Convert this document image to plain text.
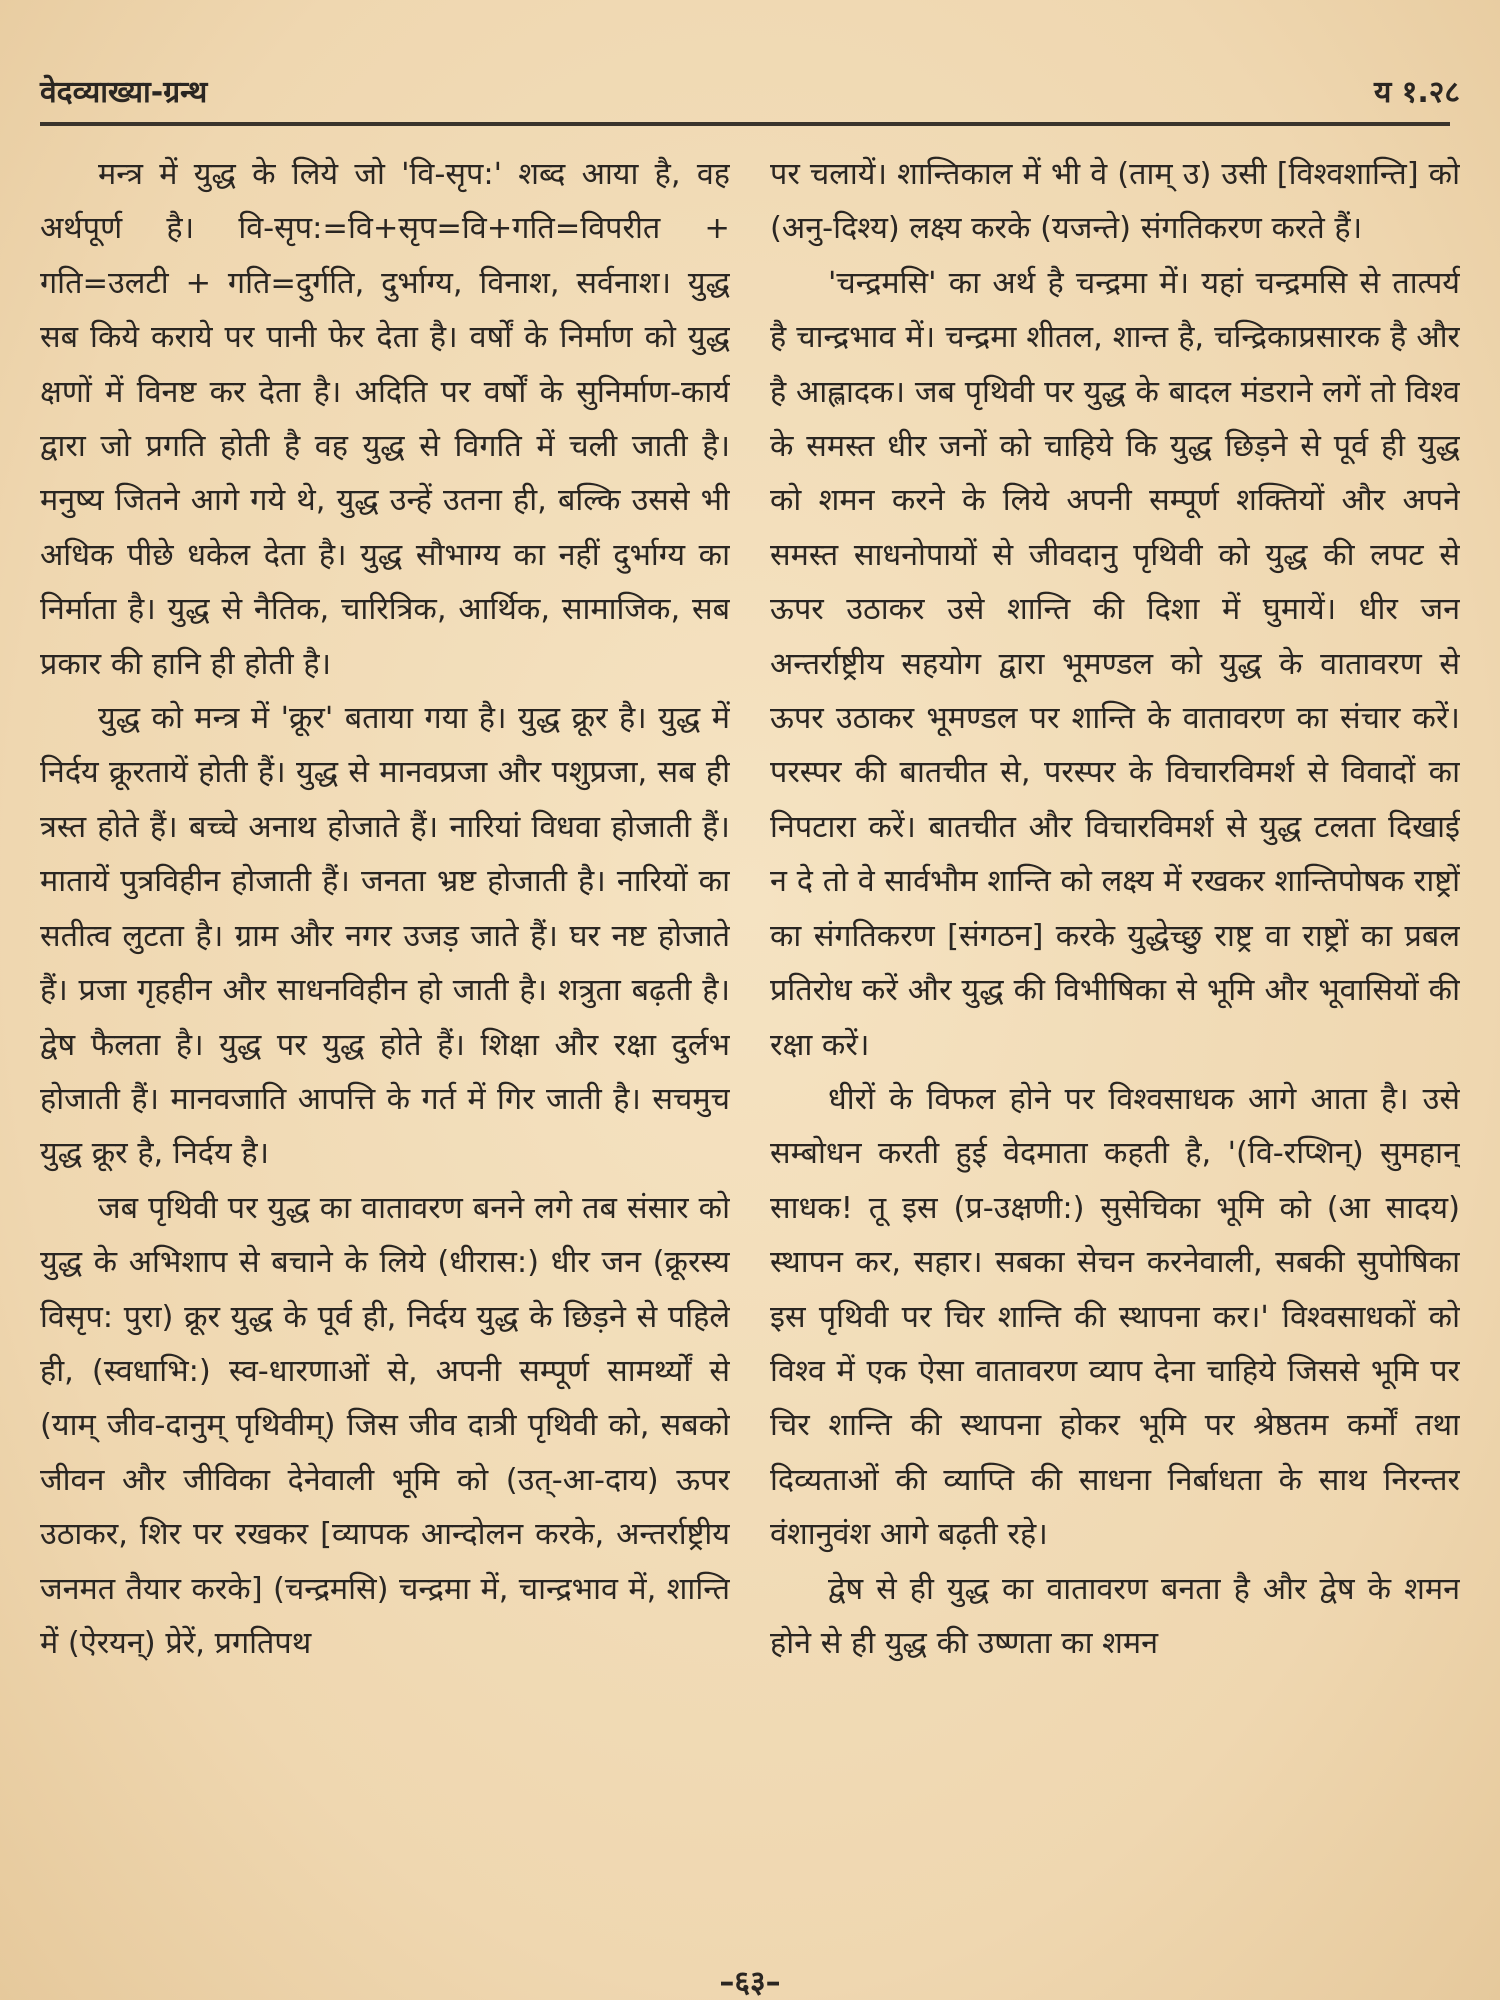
वेदव्याख्या-ग्रन्थ	य १.२८

मन्त्र में युद्ध के लिये जो 'वि-सृप:' शब्द आया है, वह अर्थपूर्ण है। वि-सृप:=वि+सृप=वि+गति=विपरीत + गति=उलटी + गति=दुर्गति, दुर्भाग्य, विनाश, सर्वनाश। युद्ध सब किये कराये पर पानी फेर देता है। वर्षों के निर्माण को युद्ध क्षणों में विनष्ट कर देता है। अदिति पर वर्षों के सुनिर्माण-कार्य द्वारा जो प्रगति होती है वह युद्ध से विगति में चली जाती है। मनुष्य जितने आगे गये थे, युद्ध उन्हें उतना ही, बल्कि उससे भी अधिक पीछे धकेल देता है। युद्ध सौभाग्य का नहीं दुर्भाग्य का निर्माता है। युद्ध से नैतिक, चारित्रिक, आर्थिक, सामाजिक, सब प्रकार की हानि ही होती है।

युद्ध को मन्त्र में 'क्रूर' बताया गया है। युद्ध क्रूर है। युद्ध में निर्दय क्रूरतायें होती हैं। युद्ध से मानवप्रजा और पशुप्रजा, सब ही त्रस्त होते हैं। बच्चे अनाथ होजाते हैं। नारियां विधवा होजाती हैं। मातायें पुत्रविहीन होजाती हैं। जनता भ्रष्ट होजाती है। नारियों का सतीत्व लुटता है। ग्राम और नगर उजड़ जाते हैं। घर नष्ट होजाते हैं। प्रजा गृहहीन और साधनविहीन हो जाती है। शत्रुता बढ़ती है। द्वेष फैलता है। युद्ध पर युद्ध होते हैं। शिक्षा और रक्षा दुर्लभ होजाती हैं। मानवजाति आपत्ति के गर्त में गिर जाती है। सचमुच युद्ध क्रूर है, निर्दय है।

जब पृथिवी पर युद्ध का वातावरण बनने लगे तब संसार को युद्ध के अभिशाप से बचाने के लिये (धीरास:) धीर जन (क्रूरस्य विसृप: पुरा) क्रूर युद्ध के पूर्व ही, निर्दय युद्ध के छिड़ने से पहिले ही, (स्वधाभि:) स्व-धारणाओं से, अपनी सम्पूर्ण सामर्थ्यों से (याम् जीव-दानुम् पृथिवीम्) जिस जीव दात्री पृथिवी को, सबको जीवन और जीविका देनेवाली भूमि को (उत्-आ-दाय) ऊपर उठाकर, शिर पर रखकर [व्यापक आन्दोलन करके, अन्तर्राष्ट्रीय जनमत तैयार करके] (चन्द्रमसि) चन्द्रमा में, चान्द्रभाव में, शान्ति में (ऐरयन्) प्रेरें, प्रगतिपथ

पर चलायें। शान्तिकाल में भी वे (ताम् उ) उसी [विश्वशान्ति] को (अनु-दिश्य) लक्ष्य करके (यजन्ते) संगतिकरण करते हैं।

'चन्द्रमसि' का अर्थ है चन्द्रमा में। यहां चन्द्रमसि से तात्पर्य है चान्द्रभाव में। चन्द्रमा शीतल, शान्त है, चन्द्रिकाप्रसारक है और है आह्लादक। जब पृथिवी पर युद्ध के बादल मंडराने लगें तो विश्व के समस्त धीर जनों को चाहिये कि युद्ध छिड़ने से पूर्व ही युद्ध को शमन करने के लिये अपनी सम्पूर्ण शक्तियों और अपने समस्त साधनोपायों से जीवदानु पृथिवी को युद्ध की लपट से ऊपर उठाकर उसे शान्ति की दिशा में घुमायें। धीर जन अन्तर्राष्ट्रीय सहयोग द्वारा भूमण्डल को युद्ध के वातावरण से ऊपर उठाकर भूमण्डल पर शान्ति के वातावरण का संचार करें। परस्पर की बातचीत से, परस्पर के विचारविमर्श से विवादों का निपटारा करें। बातचीत और विचारविमर्श से युद्ध टलता दिखाई न दे तो वे सार्वभौम शान्ति को लक्ष्य में रखकर शान्तिपोषक राष्ट्रों का संगतिकरण [संगठन] करके युद्धेच्छु राष्ट्र वा राष्ट्रों का प्रबल प्रतिरोध करें और युद्ध की विभीषिका से भूमि और भूवासियों की रक्षा करें।

धीरों के विफल होने पर विश्वसाधक आगे आता है। उसे सम्बोधन करती हुई वेदमाता कहती है, '(वि-रप्शिन्) सुमहान् साधक! तू इस (प्र-उक्षणी:) सुसेचिका भूमि को (आ सादय) स्थापन कर, सहार। सबका सेचन करनेवाली, सबकी सुपोषिका इस पृथिवी पर चिर शान्ति की स्थापना कर।' विश्वसाधकों को विश्व में एक ऐसा वातावरण व्याप देना चाहिये जिससे भूमि पर चिर शान्ति की स्थापना होकर भूमि पर श्रेष्ठतम कर्मों तथा दिव्यताओं की व्याप्ति की साधना निर्बाधता के साथ निरन्तर वंशानुवंश आगे बढ़ती रहे।

द्वेष से ही युद्ध का वातावरण बनता है और द्वेष के शमन होने से ही युद्ध की उष्णता का शमन

–६३–
